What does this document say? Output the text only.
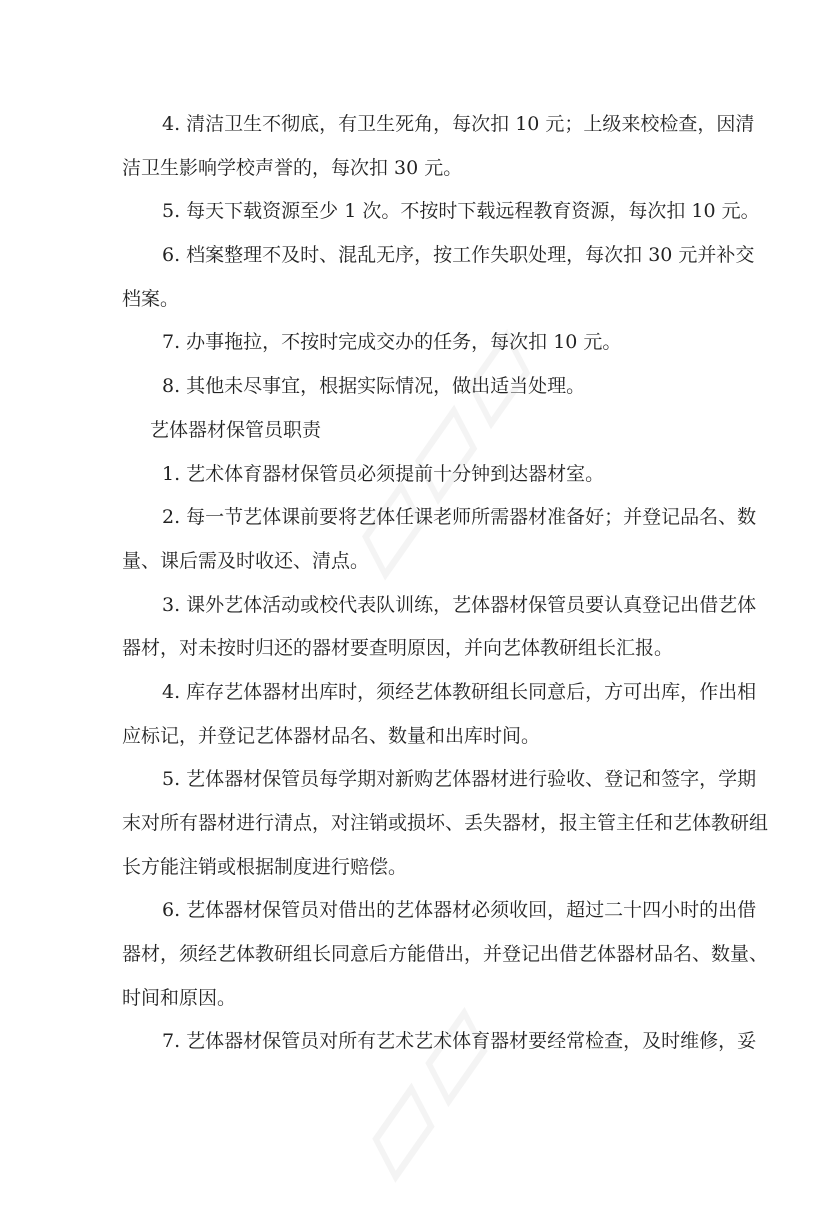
4. 清洁卫生不彻底，有卫生死角，每次扣 10 元；上级来校检查，因清
洁卫生影响学校声誉的，每次扣 30 元。
5. 每天下载资源至少 1 次。不按时下载远程教育资源，每次扣 10 元。
6. 档案整理不及时、混乱无序，按工作失职处理，每次扣 30 元并补交
档案。
7. 办事拖拉，不按时完成交办的任务，每次扣 10 元。
8. 其他未尽事宜，根据实际情况，做出适当处理。
艺体器材保管员职责
1. 艺术体育器材保管员必须提前十分钟到达器材室。
2. 每一节艺体课前要将艺体任课老师所需器材准备好；并登记品名、数
量、课后需及时收还、清点。
3. 课外艺体活动或校代表队训练，艺体器材保管员要认真登记出借艺体
器材，对未按时归还的器材要查明原因，并向艺体教研组长汇报。
4. 库存艺体器材出库时，须经艺体教研组长同意后，方可出库，作出相
应标记，并登记艺体器材品名、数量和出库时间。
5. 艺体器材保管员每学期对新购艺体器材进行验收、登记和签字，学期
末对所有器材进行清点，对注销或损坏、丢失器材，报主管主任和艺体教研组
长方能注销或根据制度进行赔偿。
6. 艺体器材保管员对借出的艺体器材必须收回，超过二十四小时的出借
器材，须经艺体教研组长同意后方能借出，并登记出借艺体器材品名、数量、
时间和原因。
7. 艺体器材保管员对所有艺术艺术体育器材要经常检查，及时维修，妥
